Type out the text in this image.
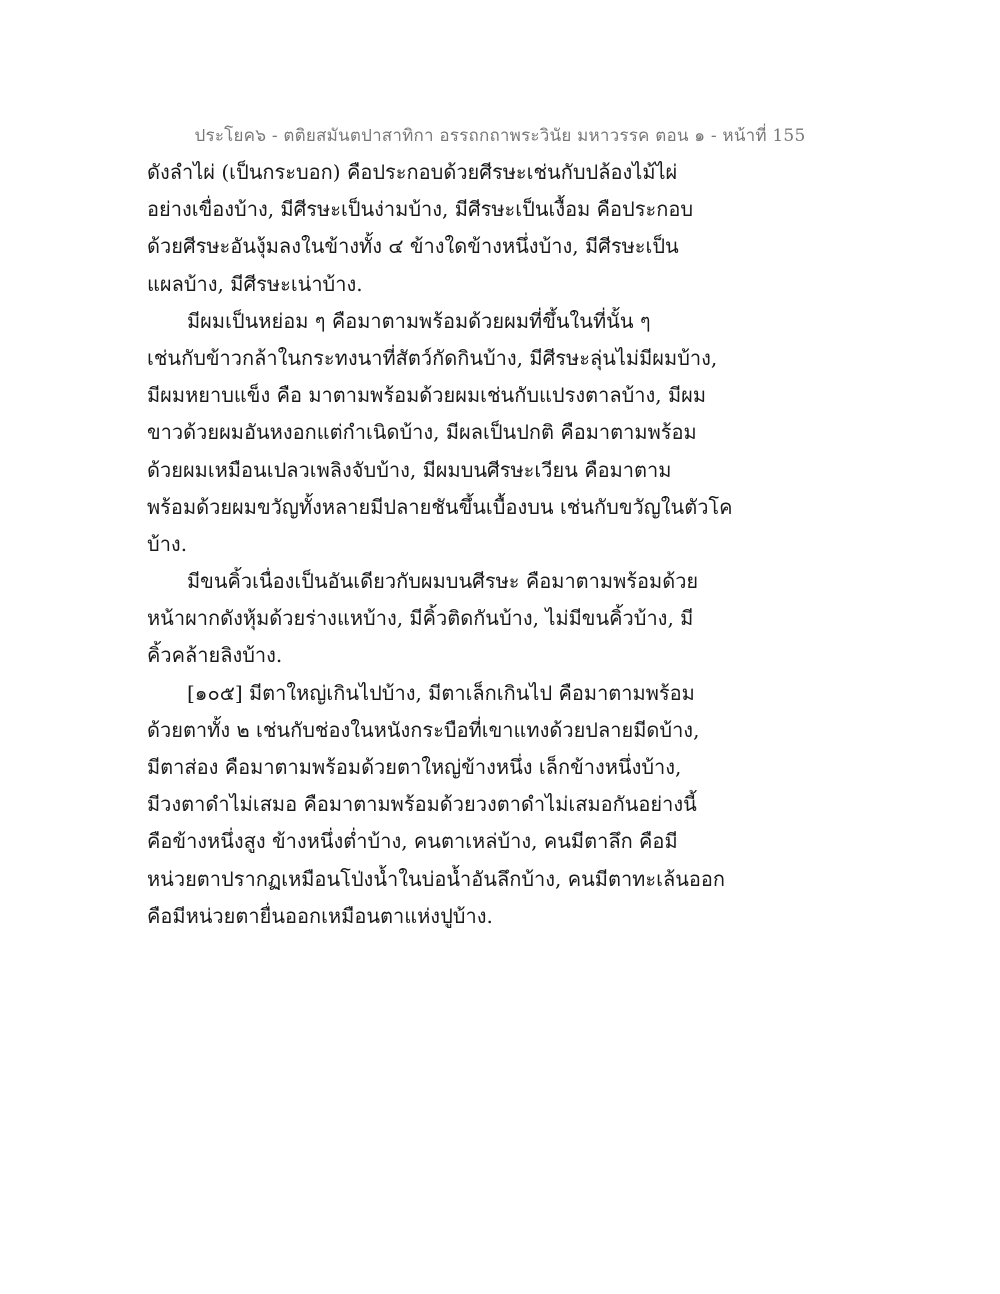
ประโยค๖ - ตติยสมันตปาสาทิกา อรรถกถาพระวินัย มหาวรรค ตอน ๑ - หน้าที่ 155
ดังลำไผ่ (เป็นกระบอก) คือประกอบด้วยศีรษะเช่นกับปล้องไม้ไผ่
อย่างเขื่องบ้าง, มีศีรษะเป็นง่ามบ้าง, มีศีรษะเป็นเงื้อม คือประกอบ
ด้วยศีรษะอันงุ้มลงในข้างทั้ง ๔ ข้างใดข้างหนึ่งบ้าง, มีศีรษะเป็น
แผลบ้าง, มีศีรษะเน่าบ้าง.
มีผมเป็นหย่อม ๆ คือมาตามพร้อมด้วยผมที่ขึ้นในที่นั้น ๆ
เช่นกับข้าวกล้าในกระทงนาที่สัตว์กัดกินบ้าง, มีศีรษะลุ่นไม่มีผมบ้าง,
มีผมหยาบแข็ง คือ มาตามพร้อมด้วยผมเช่นกับแปรงตาลบ้าง, มีผม
ขาวด้วยผมอันหงอกแต่กำเนิดบ้าง, มีผลเป็นปกติ คือมาตามพร้อม
ด้วยผมเหมือนเปลวเพลิงจับบ้าง, มีผมบนศีรษะเวียน คือมาตาม
พร้อมด้วยผมขวัญทั้งหลายมีปลายชันขึ้นเบื้องบน เช่นกับขวัญในตัวโค
บ้าง.
มีขนคิ้วเนื่องเป็นอันเดียวกับผมบนศีรษะ คือมาตามพร้อมด้วย
หน้าผากดังหุ้มด้วยร่างแหบ้าง, มีคิ้วติดกันบ้าง, ไม่มีขนคิ้วบ้าง, มี
คิ้วคล้ายลิงบ้าง.
[๑๐๕] มีตาใหญ่เกินไปบ้าง, มีตาเล็กเกินไป คือมาตามพร้อม
ด้วยตาทั้ง ๒ เช่นกับช่องในหนังกระบือที่เขาแทงด้วยปลายมีดบ้าง,
มีตาส่อง คือมาตามพร้อมด้วยตาใหญ่ข้างหนึ่ง เล็กข้างหนึ่งบ้าง,
มีวงตาดำไม่เสมอ คือมาตามพร้อมด้วยวงตาดำไม่เสมอกันอย่างนี้
คือข้างหนึ่งสูง ข้างหนึ่งต่ำบ้าง, คนตาเหล่บ้าง, คนมีตาลึก คือมี
หน่วยตาปรากฏเหมือนโป่งน้ำในบ่อน้ำอันลึกบ้าง, คนมีตาทะเล้นออก
คือมีหน่วยตายื่นออกเหมือนตาแห่งปูบ้าง.
